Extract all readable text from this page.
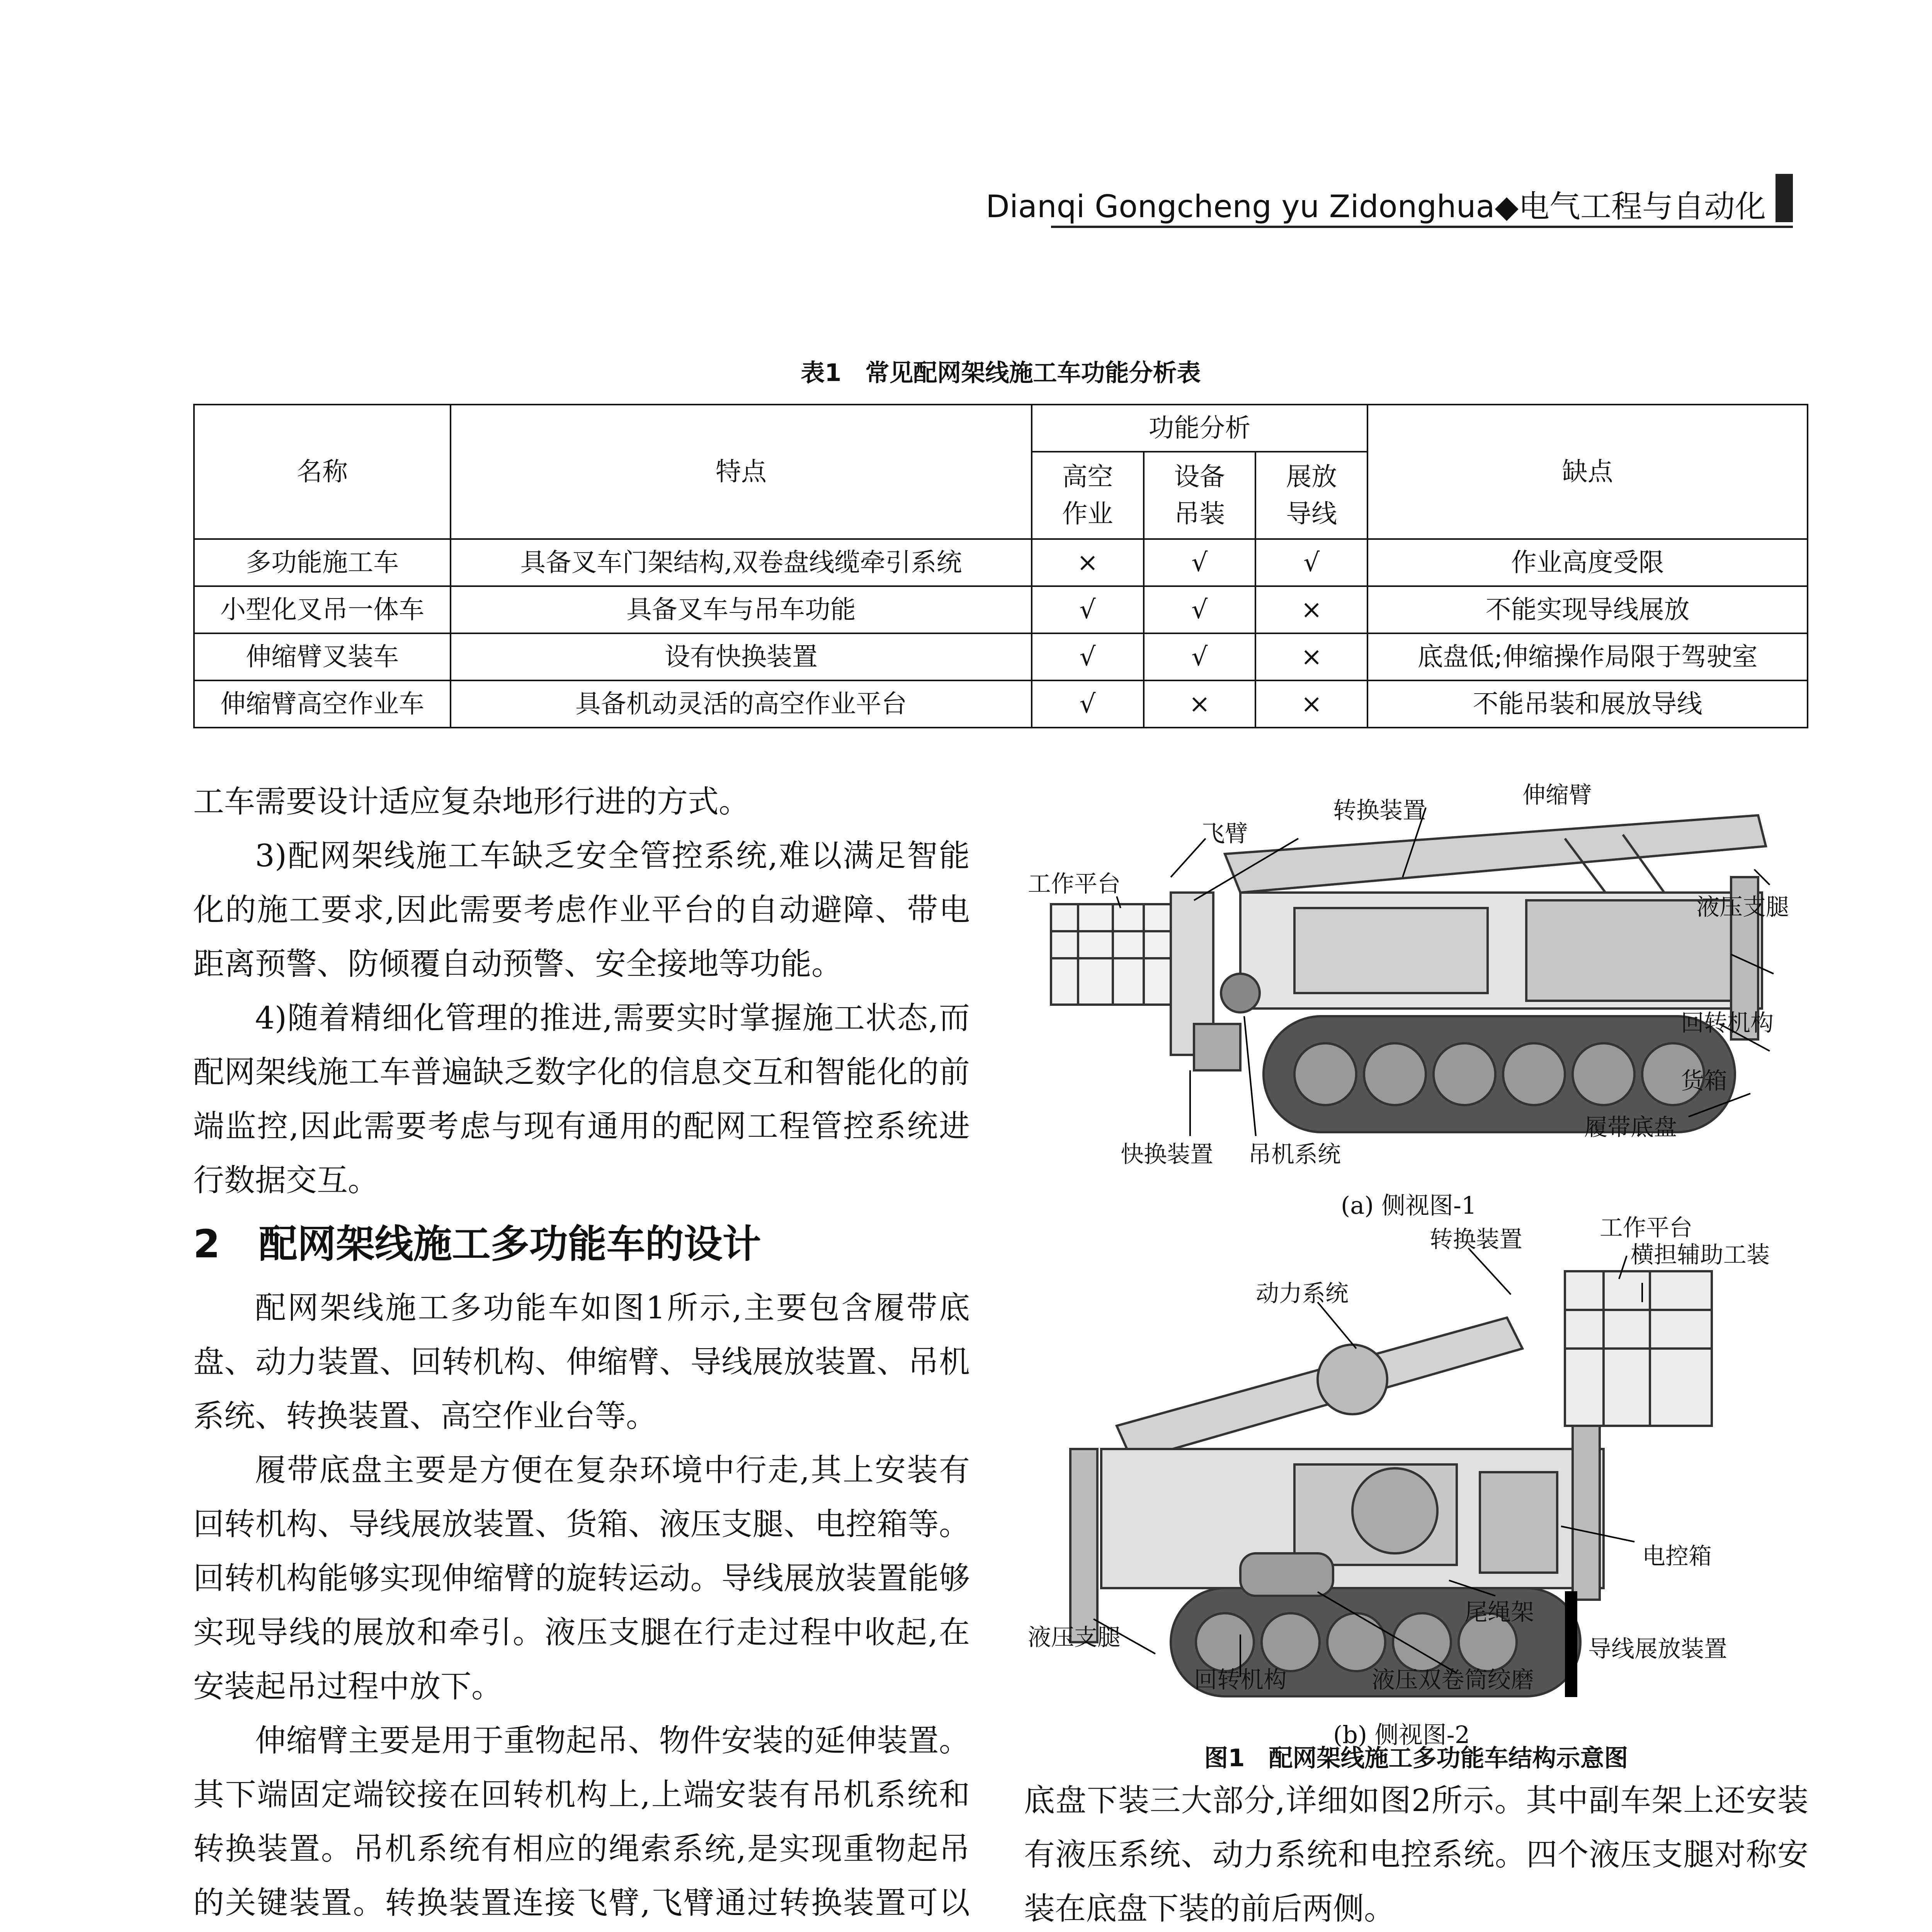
Dianqi Gongcheng yu Zidonghua◆电气工程与自动化
表1　常见配网架线施工车功能分析表
名称	特点	功能分析			缺点

		高空作业	设备吊装	展放导线	

多功能施工车	具备叉车门架结构,双卷盘线缆牵引系统	×	√	√	作业高度受限
小型化叉吊一体车	具备叉车与吊车功能	√	√	×	不能实现导线展放
伸缩臂叉装车	设有快换装置	√	√	×	底盘低;伸缩操作局限于驾驶室
伸缩臂高空作业车	具备机动灵活的高空作业平台	√	×	×	不能吊装和展放导线

工车需要设计适应复杂地形行进的方式。

3)配网架线施工车缺乏安全管控系统,难以满足智能化的施工要求,因此需要考虑作业平台的自动避障、带电距离预警、防倾覆自动预警、安全接地等功能。

4)随着精细化管理的推进,需要实时掌握施工状态,而配网架线施工车普遍缺乏数字化的信息交互和智能化的前端监控,因此需要考虑与现有通用的配网工程管控系统进行数据交互。

2　配网架线施工多功能车的设计

配网架线施工多功能车如图1所示,主要包含履带底盘、动力装置、回转机构、伸缩臂、导线展放装置、吊机系统、转换装置、高空作业台等。

履带底盘主要是方便在复杂环境中行走,其上安装有回转机构、导线展放装置、货箱、液压支腿、电控箱等。回转机构能够实现伸缩臂的旋转运动。导线展放装置能够实现导线的展放和牵引。液压支腿在行走过程中收起,在安装起吊过程中放下。

伸缩臂主要是用于重物起吊、物件安装的延伸装置。其下端固定端铰接在回转机构上,上端安装有吊机系统和转换装置。吊机系统有相应的绳索系统,是实现重物起吊的关键装置。转换装置连接飞臂,飞臂通过转换装置可以

伸缩臂
转换装置
飞臂
工作平台
液压支腿
回转机构
货箱
履带底盘
快换装置 吊机系统
(a) 侧视图-1
转换装置	工作平台
横担辅助工装
动力系统
电控箱
尾绳架
导线展放装置
液压支腿
回转机构	液压双卷筒绞磨
(b) 侧视图-2
图1　配网架线施工多功能车结构示意图

底盘下装三大部分,详细如图2所示。其中副车架上还安装有液压系统、动力系统和电控系统。四个液压支腿对称安装在底盘下装的前后两侧。
